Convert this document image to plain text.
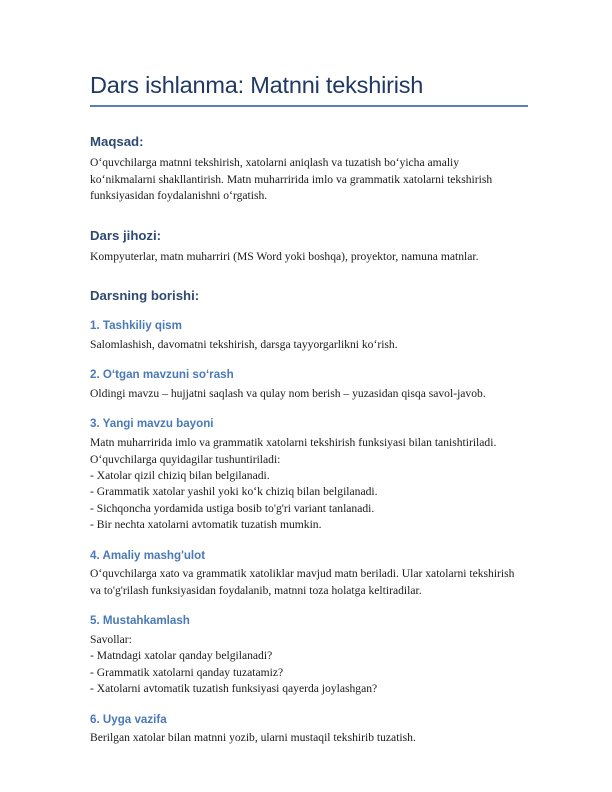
Dars ishlanma: Matnni tekshirish
Maqsad:

Oʻquvchilarga matnni tekshirish, xatolarni aniqlash va tuzatish boʻyicha amaliy koʻnikmalarni shakllantirish. Matn muharririda imlo va grammatik xatolarni tekshirish funksiyasidan foydalanishni oʻrgatish.

Dars jihozi:

Kompyuterlar, matn muharriri (MS Word yoki boshqa), proyektor, namuna matnlar.

Darsning borishi:
1. Tashkiliy qism

Salomlashish, davomatni tekshirish, darsga tayyorgarlikni koʻrish.

2. Oʻtgan mavzuni soʻrash

Oldingi mavzu – hujjatni saqlash va qulay nom berish – yuzasidan qisqa savol-javob.

3. Yangi mavzu bayoni

Matn muharririda imlo va grammatik xatolarni tekshirish funksiyasi bilan tanishtiriladi.

Oʻquvchilarga quyidagilar tushuntiriladi:

- Xatolar qizil chiziq bilan belgilanadi.

- Grammatik xatolar yashil yoki koʻk chiziq bilan belgilanadi.

- Sichqoncha yordamida ustiga bosib to'g'ri variant tanlanadi.

- Bir nechta xatolarni avtomatik tuzatish mumkin.

4. Amaliy mashg'ulot

Oʻquvchilarga xato va grammatik xatoliklar mavjud matn beriladi. Ular xatolarni tekshirish va to'g'rilash funksiyasidan foydalanib, matnni toza holatga keltiradilar.

5. Mustahkamlash

Savollar:

- Matndagi xatolar qanday belgilanadi?

- Grammatik xatolarni qanday tuzatamiz?

- Xatolarni avtomatik tuzatish funksiyasi qayerda joylashgan?

6. Uyga vazifa

Berilgan xatolar bilan matnni yozib, ularni mustaqil tekshirib tuzatish.
